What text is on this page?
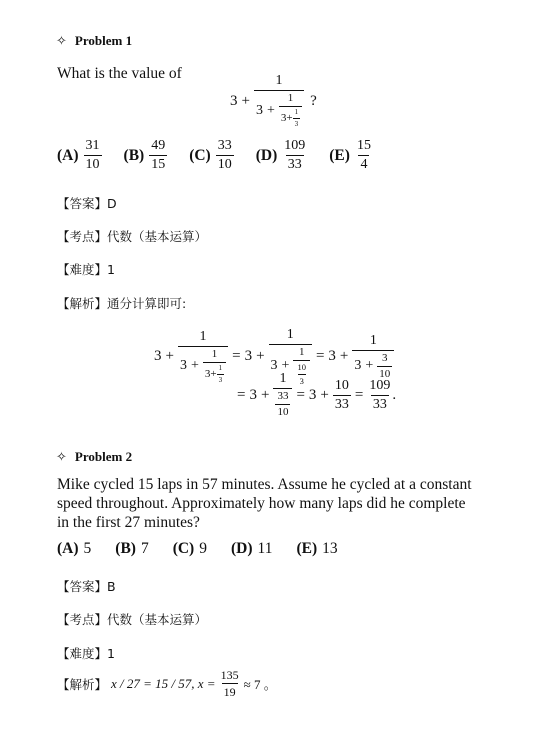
✧ Problem 1
What is the value of
3 +
1
$3 + \frac{1}{3+ \frac{1}{3}}$ ?
$(A) \frac{31}{10} (B) \frac{49}{15} (C) \frac{33}{10} (D) \frac{109}{33} (E) \frac{15}{4}$
【答案】D
【考点】代数（基本运算）
【难度】1
【解析】通分计算即可:
3 +
1
$3 + \frac{1}{3+ \frac{1}{3}} = 3 + \frac{1}{3 + \frac{1}{\frac{10}{3}}} = 3 + \frac{1}{3 + \frac{3}{10}}$
= $3 + \frac{1}{\frac{33}{10}} = 3 + \frac{10}{33} = \frac{109}{33}$ .
✧ Problem 2
Mike cycled 15 laps in 57 minutes. Assume he cycled at a constant
speed throughout. Approximately how many laps did he complete
in the first 27 minutes?
(A) 5 (B) 7 (C) 9 (D) 11 (E) 13
【答案】B
【考点】代数（基本运算）
【难度】1
【解析】 x / 27 = 15 / 57, $x = \frac{135}{19} \approx 7$ 。
